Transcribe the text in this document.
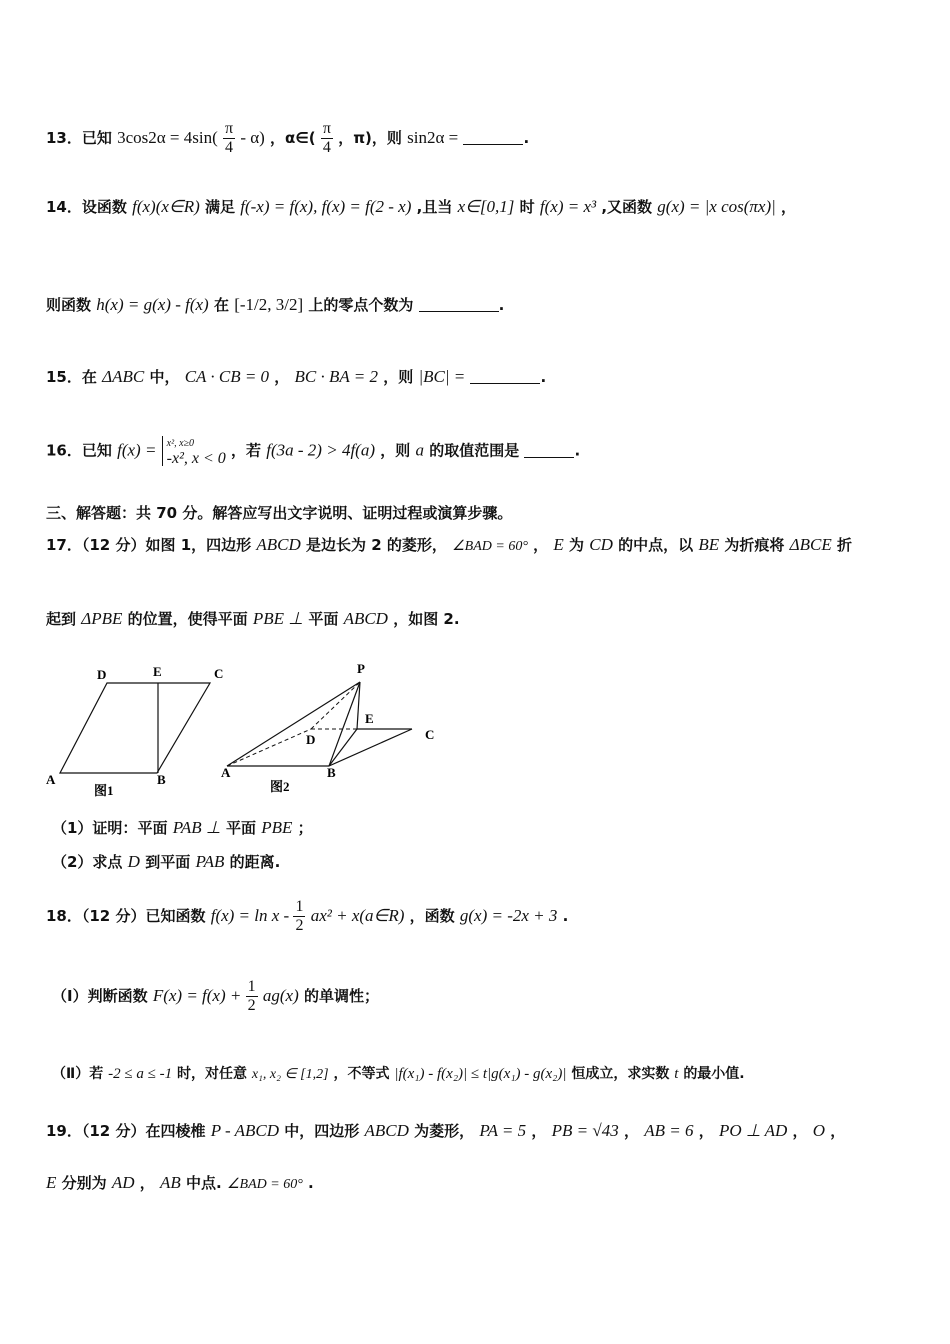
13．已知 $3\cos 2\alpha = 4\sin( \frac{\pi}{4} - \alpha)$ ，α∈( $\frac{\pi}{4}$ ，π)，则 sin2α =	.
14．设函数 f(x)(x∈R) 满足 f(-x) = f(x), f(x) = f(2 - x) ,且当 x∈[0,1] 时 f(x) = x³ ,又函数 g(x) = |x cos(πx)| ，
则函数 h(x) = g(x) - f(x) 在 [-1/2, 3/2] 上的零点个数为	.
15．在 ΔABC 中， CA · CB = 0 ， BC · BA = 2 ，则 |BC| =	.
16．已知 f(x) = x², x≥0
-x², x < 0 ，若 f(3a - 2) > 4f(a) ，则 a 的取值范围是	.
三、解答题：共 70 分。解答应写出文字说明、证明过程或演算步骤。
17．（12 分）如图 1，四边形 ABCD 是边长为 2 的菱形， ∠BAD = 60° ， E 为 CD 的中点，以 BE 为折痕将 ΔBCE 折
起到 ΔPBE 的位置，使得平面 PBE ⊥ 平面 ABCD ，如图 2.
D	E	C
A	B
图1
P
E
D	C
A	B
图2
（1）证明：平面 PAB ⊥ 平面 PBE ；
（2）求点 D 到平面 PAB 的距离.
18．（12 分）已知函数 $f(x) = \ln x - \frac{1}{2} ax^2$ + x(a∈R) ，函数 g(x) = -2x + 3 .
（Ⅰ）判断函数 $F(x) = f(x) + \frac{1}{2} ag(x)$ 的单调性；
（Ⅱ）若 -2 ≤ a ≤ -1 时，对任意 x₁, x₂ ∈ [1,2] ，不等式 |f(x₁) - f(x₂)| ≤ t|g(x₁) - g(x₂)| 恒成立，求实数 t 的最小值.
19．（12 分）在四棱椎 P - ABCD 中，四边形 ABCD 为菱形， PA = 5 ， PB = √43 ， AB = 6 ， PO ⊥ AD ， O ，
E 分别为 AD ， AB 中点. ∠BAD = 60° .
